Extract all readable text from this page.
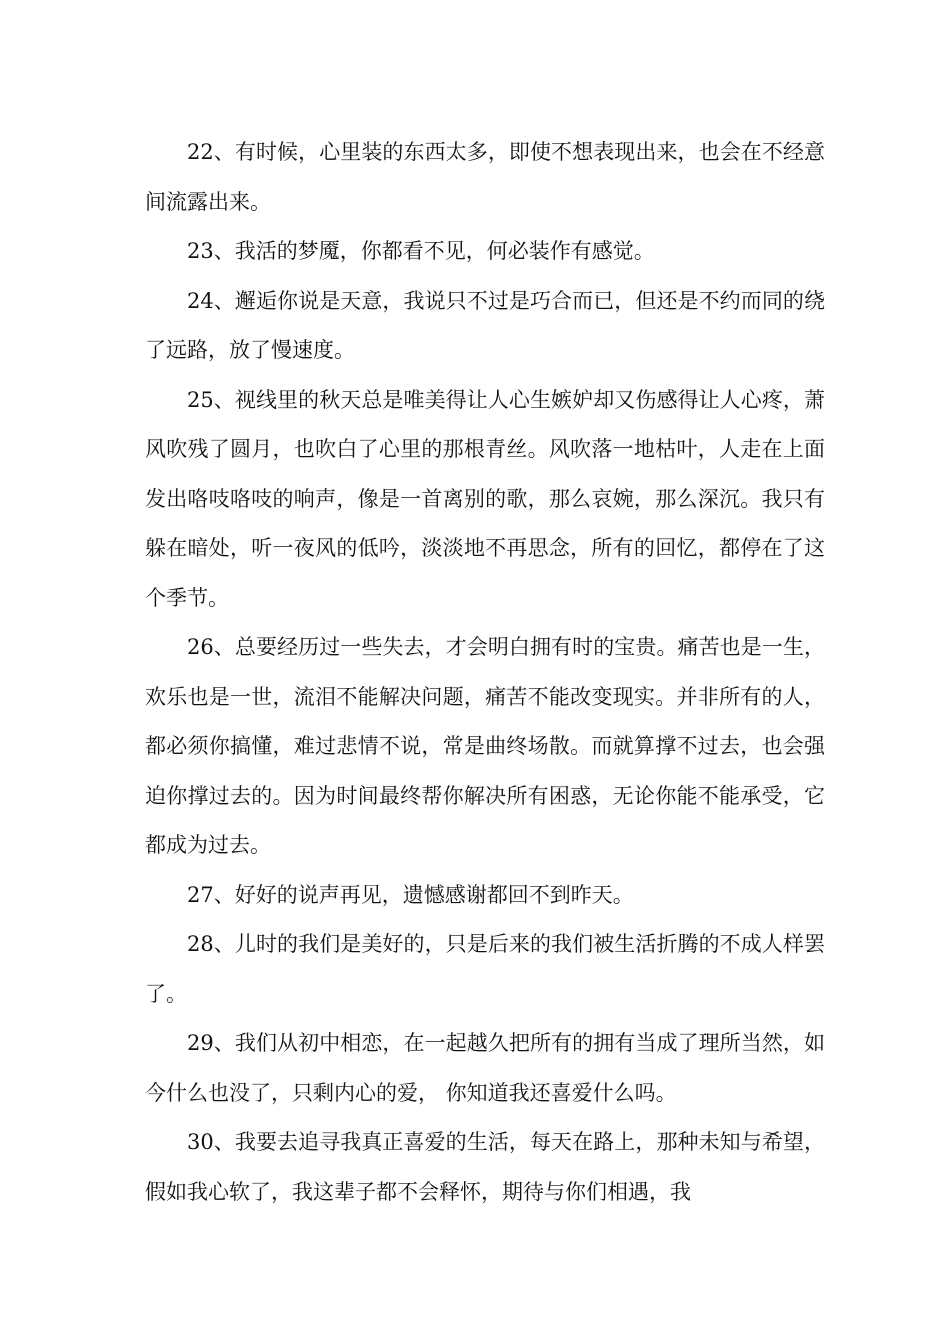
22、有时候，心里装的东西太多，即使不想表现出来，也会在不经意间流露出来。

23、我活的梦魇，你都看不见，何必装作有感觉。

24、邂逅你说是天意，我说只不过是巧合而已，但还是不约而同的绕了远路，放了慢速度。

25、视线里的秋天总是唯美得让人心生嫉妒却又伤感得让人心疼，萧风吹残了圆月，也吹白了心里的那根青丝。风吹落一地枯叶，人走在上面发出咯吱咯吱的响声，像是一首离别的歌，那么哀婉，那么深沉。我只有躲在暗处，听一夜风的低吟，淡淡地不再思念，所有的回忆，都停在了这个季节。

26、总要经历过一些失去，才会明白拥有时的宝贵。痛苦也是一生，欢乐也是一世，流泪不能解决问题，痛苦不能改变现实。并非所有的人，都必须你搞懂，难过悲情不说，常是曲终场散。而就算撑不过去，也会强迫你撑过去的。因为时间最终帮你解决所有困惑，无论你能不能承受，它都成为过去。

27、好好的说声再见，遗憾感谢都回不到昨天。

28、儿时的我们是美好的，只是后来的我们被生活折腾的不成人样罢了。

29、我们从初中相恋，在一起越久把所有的拥有当成了理所当然，如今什么也没了，只剩内心的爱， 你知道我还喜爱什么吗。

30、我要去追寻我真正喜爱的生活，每天在路上，那种未知与希望，假如我心软了，我这辈子都不会释怀，期待与你们相遇，我
